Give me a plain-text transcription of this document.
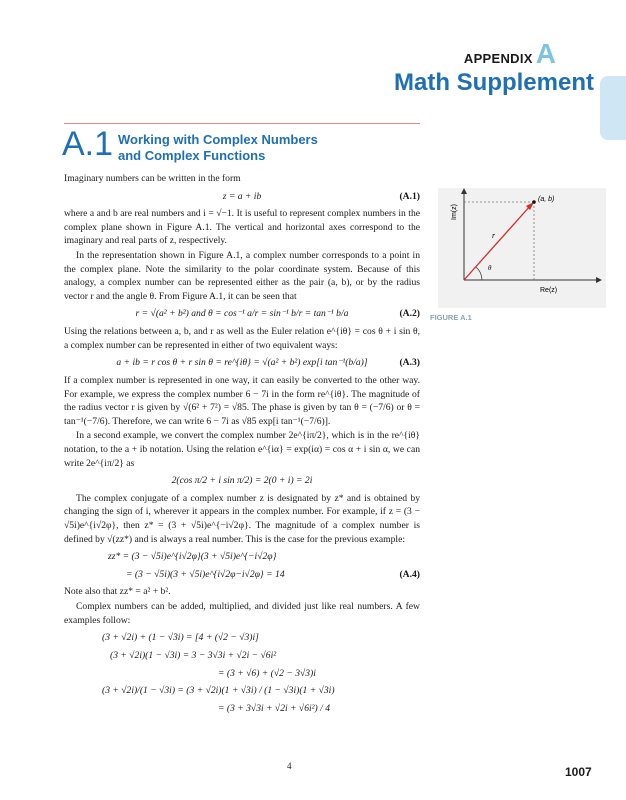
APPENDIX A
Math Supplement
A.1 Working with Complex Numbers
and Complex Functions

Imaginary numbers can be written in the form

z = a + ib	(A.1)

where a and b are real numbers and i = √−1. It is useful to represent complex numbers in the complex plane shown in Figure A.1. The vertical and horizontal axes correspond to the imaginary and real parts of z, respectively.

In the representation shown in Figure A.1, a complex number corresponds to a point in the complex plane. Note the similarity to the polar coordinate system. Because of this analogy, a complex number can be represented either as the pair (a, b), or by the radius vector r and the angle θ. From Figure A.1, it can be seen that

r = √(a² + b²) and θ = cos⁻¹ a/r = sin⁻¹ b/r = tan⁻¹ b/a	(A.2)

Using the relations between a, b, and r as well as the Euler relation e^{iθ} = cos θ + i sin θ, a complex number can be represented in either of two equivalent ways:

a + ib = r cos θ + r sin θ = re^{iθ} = √(a² + b²) exp[i tan⁻¹(b/a)]	(A.3)

If a complex number is represented in one way, it can easily be converted to the other way. For example, we express the complex number 6 − 7i in the form re^{iθ}. The magnitude of the radius vector r is given by √(6² + 7²) = √85. The phase is given by tan θ = (−7/6) or θ = tan⁻¹(−7/6). Therefore, we can write 6 − 7i as √85 exp[i tan⁻¹(−7/6)].

In a second example, we convert the complex number 2e^{iπ/2}, which is in the re^{iθ} notation, to the a + ib notation. Using the relation e^{iα} = exp(iα) = cos α + i sin α, we can write 2e^{iπ/2} as

2(cos π/2 + i sin π/2) = 2(0 + i) = 2i

The complex conjugate of a complex number z is designated by z* and is obtained by changing the sign of i, wherever it appears in the complex number. For example, if z = (3 − √5i)e^{i√2φ}, then z* = (3 + √5i)e^{−i√2φ}. The magnitude of a complex number is defined by √(zz*) and is always a real number. This is the case for the previous example:

zz* = (3 − √5i)e^{i√2φ}(3 + √5i)e^{−i√2φ}
= (3 − √5i)(3 + √5i)e^{i√2φ−i√2φ} = 14	(A.4)

Note also that zz* = a² + b².

Complex numbers can be added, multiplied, and divided just like real numbers. A few examples follow:

(3 + √2i) + (1 − √3i) = [4 + (√2 − √3)i]
(3 + √2i)(1 − √3i) = 3 − 3√3i + √2i − √6i²
= (3 + √6) + (√2 − 3√3)i
(3 + √2i)/(1 − √3i) = (3 + √2i)(1 + √3i) / (1 − √3i)(1 + √3i)
= (3 + 3√3i + √2i + √6i²) / 4
(a, b)
r
θ
Re(z)
Im(z)
FIGURE A.1
4	1007
